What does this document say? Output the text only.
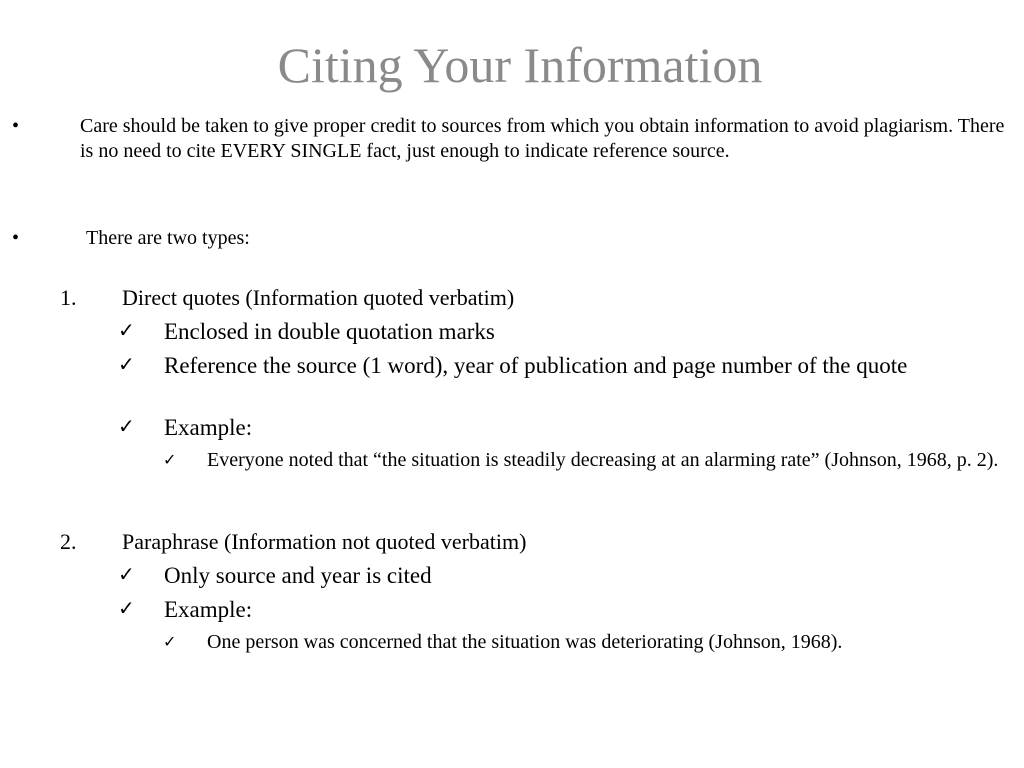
Citing Your Information
•	Care should be taken to give proper credit to sources from which you obtain information to avoid plagiarism. There is no need to cite EVERY SINGLE fact, just enough to indicate reference source.

•	There are two types:

1. Direct quotes (Information quoted verbatim)
✓ Enclosed in double quotation marks
✓ Reference the source (1 word), year of publication and page number of the quote
✓ Example:
✓ Everyone noted that “the situation is steadily decreasing at an alarming rate” (Johnson, 1968, p. 2).
2. Paraphrase (Information not quoted verbatim)
✓ Only source and year is cited
✓ Example:
✓ One person was concerned that the situation was deteriorating (Johnson, 1968).
